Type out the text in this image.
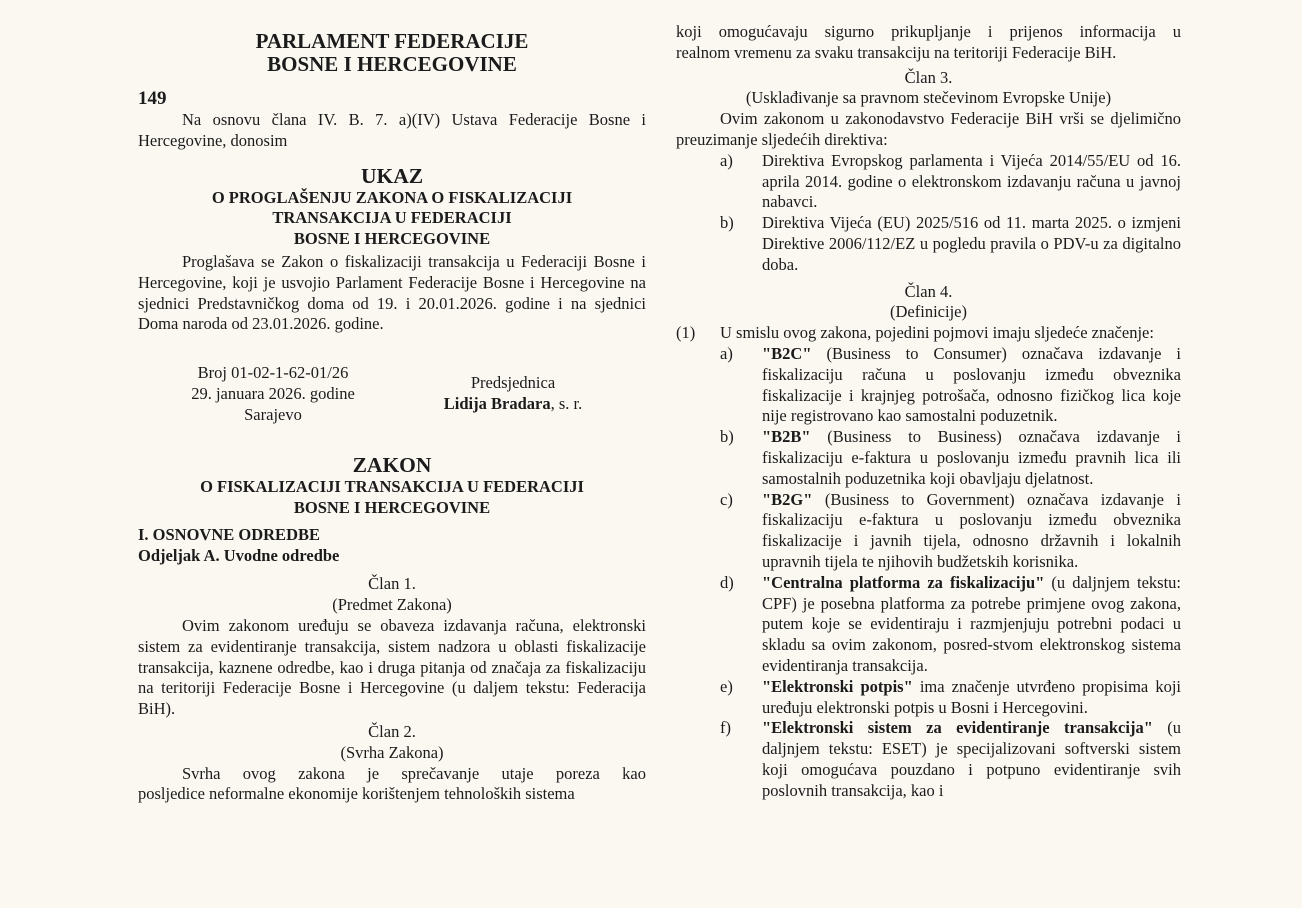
PARLAMENT FEDERACIJE
BOSNE I HERCEGOVINE
149

Na osnovu člana IV. B. 7. a)(IV) Ustava Federacije Bosne i Hercegovine, donosim

UKAZ
O PROGLAŠENJU ZAKONA O FISKALIZACIJI
TRANSAKCIJA U FEDERACIJI
BOSNE I HERCEGOVINE

Proglašava se Zakon o fiskalizaciji transakcija u Federaciji Bosne i Hercegovine, koji je usvojio Parlament Federacije Bosne i Hercegovine na sjednici Predstavničkog doma od 19. i 20.01.2026. godine i na sjednici Doma naroda od 23.01.2026. godine.

Broj 01-02-1-62-01/26
29. januara 2026. godine
Sarajevo
Predsjednica
Lidija Bradara, s. r.
ZAKON
O FISKALIZACIJI TRANSAKCIJA U FEDERACIJI
BOSNE I HERCEGOVINE
I. OSNOVNE ODREDBE
Odjeljak A. Uvodne odredbe
Član 1.
(Predmet Zakona)

Ovim zakonom uređuju se obaveza izdavanja računa, elektronski sistem za evidentiranje transakcija, sistem nadzora u oblasti fiskalizacije transakcija, kaznene odredbe, kao i druga pitanja od značaja za fiskalizaciju na teritoriji Federacije Bosne i Hercegovine (u daljem tekstu: Federacija BiH).

Član 2.
(Svrha Zakona)
Svrha ovog zakona je sprečavanje utaje poreza kao
posljedice neformalne ekonomije korištenjem tehnoloških sistema
koji omogućavaju sigurno prikupljanje i prijenos informacija u
realnom vremenu za svaku transakciju na teritoriji Federacije BiH.
Član 3.
(Usklađivanje sa pravnom stečevinom Evropske Unije)

Ovim zakonom u zakonodavstvo Federacije BiH vrši se djelimično preuzimanje sljedećih direktiva:

a)	Direktiva Evropskog parlamenta i Vijeća 2014/55/EU od 16. aprila 2014. godine o elektronskom izdavanju računa u javnoj nabavci.
b)	Direktiva Vijeća (EU) 2025/516 od 11. marta 2025. o izmjeni Direktive 2006/112/EZ u pogledu pravila o PDV-u za digitalno doba.
Član 4.
(Definicije)
(1)	U smislu ovog zakona, pojedini pojmovi imaju sljedeće značenje:
a)	"B2C" (Business to Consumer) označava izdavanje i fiskalizaciju računa u poslovanju između obveznika fiskalizacije i krajnjeg potrošača, odnosno fizičkog lica koje nije registrovano kao samostalni poduzetnik.
b)	"B2B" (Business to Business) označava izdavanje i fiskalizaciju e-faktura u poslovanju između pravnih lica ili samostalnih poduzetnika koji obavljaju djelatnost.
c)	"B2G" (Business to Government) označava izdavanje i fiskalizaciju e-faktura u poslovanju između obveznika fiskalizacije i javnih tijela, odnosno državnih i lokalnih upravnih tijela te njihovih budžetskih korisnika.
d)	"Centralna platforma za fiskalizaciju" (u daljnjem tekstu: CPF) je posebna platforma za potrebe primjene ovog zakona, putem koje se evidentiraju i razmjenjuju potrebni podaci u skladu sa ovim zakonom, posred-stvom elektronskog sistema evidentiranja transakcija.
e)	"Elektronski potpis" ima značenje utvrđeno propisima koji uređuju elektronski potpis u Bosni i Hercegovini.
f)	"Elektronski sistem za evidentiranje transakcija" (u daljnjem tekstu: ESET) je specijalizovani softverski sistem koji omogućava pouzdano i potpuno evidentiranje svih poslovnih transakcija, kao i
